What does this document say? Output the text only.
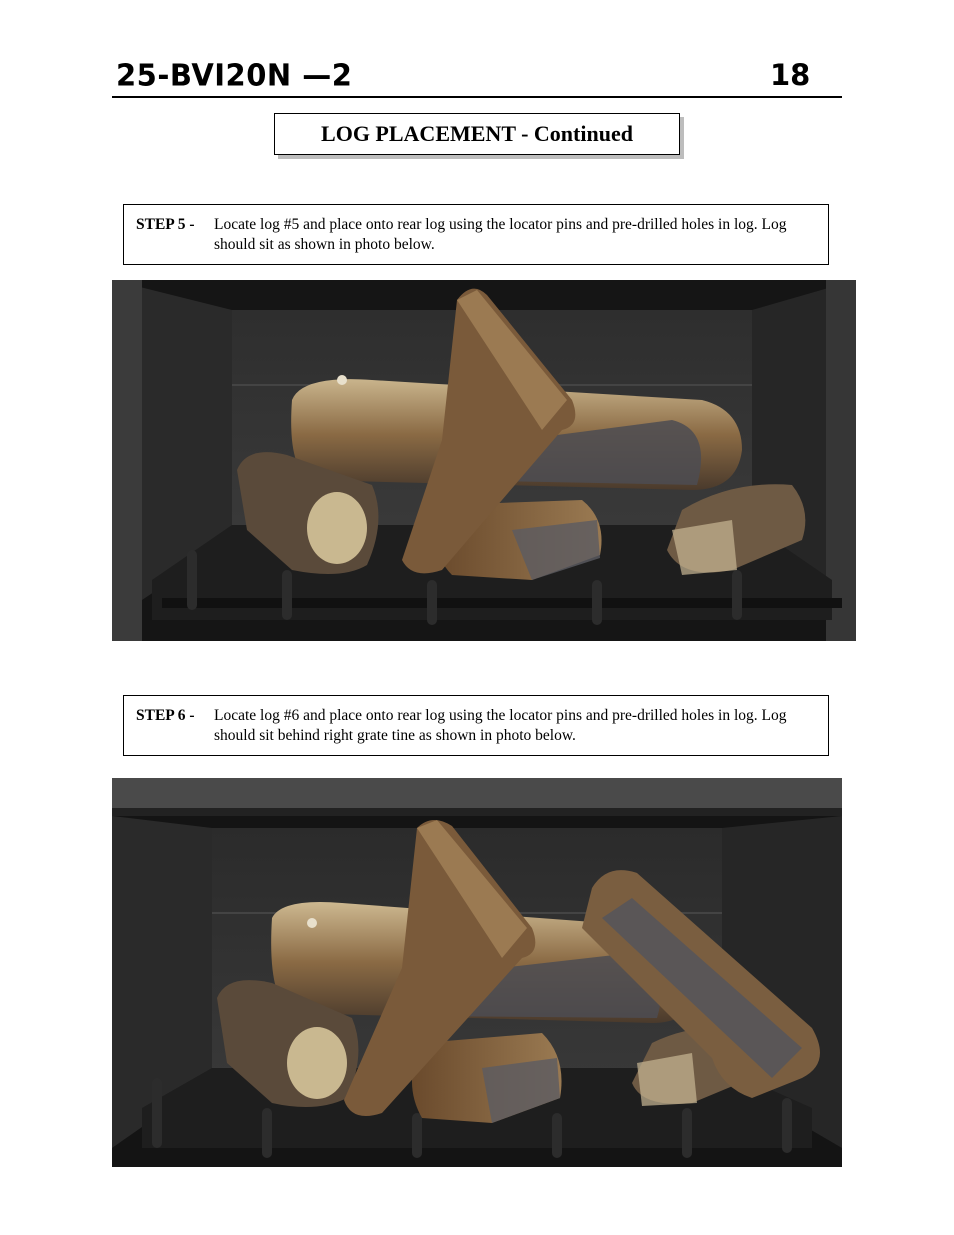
25-BVI20N —2	18
LOG PLACEMENT - Continued
STEP 5 - Locate log #5 and place onto rear log using the locator pins and pre-drilled holes in log. Log should sit as shown in photo below.
STEP 6 - Locate log #6 and place onto rear log using the locator pins and pre-drilled holes in log. Log should sit behind right grate tine as shown in photo below.
